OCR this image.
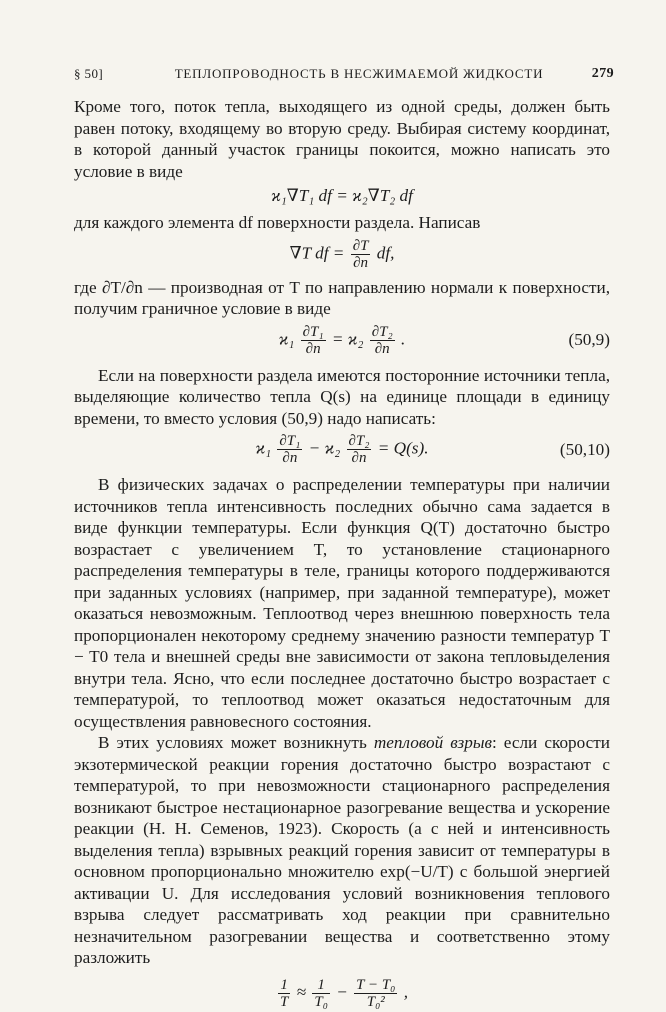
§ 50]	ТЕПЛОПРОВОДНОСТЬ В НЕСЖИМАЕМОЙ ЖИДКОСТИ	279

Кроме того, поток тепла, выходящего из одной среды, должен быть равен потоку, входящему во вторую среду. Выбирая систему координат, в которой данный участок границы покоится, можно написать это условие в виде

ϰ₁∇T₁ df = ϰ₂∇T₂ df

для каждого элемента df поверхности раздела. Написав

∇T df = $\frac{\partial T}{\partial n}$ df,

где ∂T/∂n — производная от T по направлению нормали к поверхности, получим граничное условие в виде

$ϰ_1 \frac{\text{∂T₁}}{\partial n} = ϰ_2 \frac{\text{∂T₂}}{\partial n}$ .	(50,9)

Если на поверхности раздела имеются посторонние источники тепла, выделяющие количество тепла Q(s) на единице площади в единицу времени, то вместо условия (50,9) надо написать:

$ϰ_1 \frac{\text{∂T₁}}{\partial n} - ϰ_2 \frac{\text{∂T₂}}{\partial n} = Q(s)$.	(50,10)

В физических задачах о распределении температуры при наличии источников тепла интенсивность последних обычно сама задается в виде функции температуры. Если функция Q(T) достаточно быстро возрастает с увеличением T, то установление стационарного распределения температуры в теле, границы которого поддерживаются при заданных условиях (например, при заданной температуре), может оказаться невозможным. Теплоотвод через внешнюю поверхность тела пропорционален некоторому среднему значению разности температур T − T0 тела и внешней среды вне зависимости от закона тепловыделения внутри тела. Ясно, что если последнее достаточно быстро возрастает с температурой, то теплоотвод может оказаться недостаточным для осуществления равновесного состояния.

В этих условиях может возникнуть тепловой взрыв: если скорости экзотермической реакции горения достаточно быстро возрастают с температурой, то при невозможности стационарного распределения возникают быстрое нестационарное разогревание вещества и ускорение реакции (Н. Н. Семенов, 1923). Скорость (а с ней и интенсивность выделения тепла) взрывных реакций горения зависит от температуры в основном пропорционально множителю exp(−U/T) с большой энергией активации U. Для исследования условий возникновения теплового взрыва следует рассматривать ход реакции при сравнительно незначительном разогревании вещества и соответственно этому разложить

$\frac{1}{T} \approx \frac{1}{\text{T₀}} - \frac{\text{T − T₀}}{\text{T₀²}}$ ,
